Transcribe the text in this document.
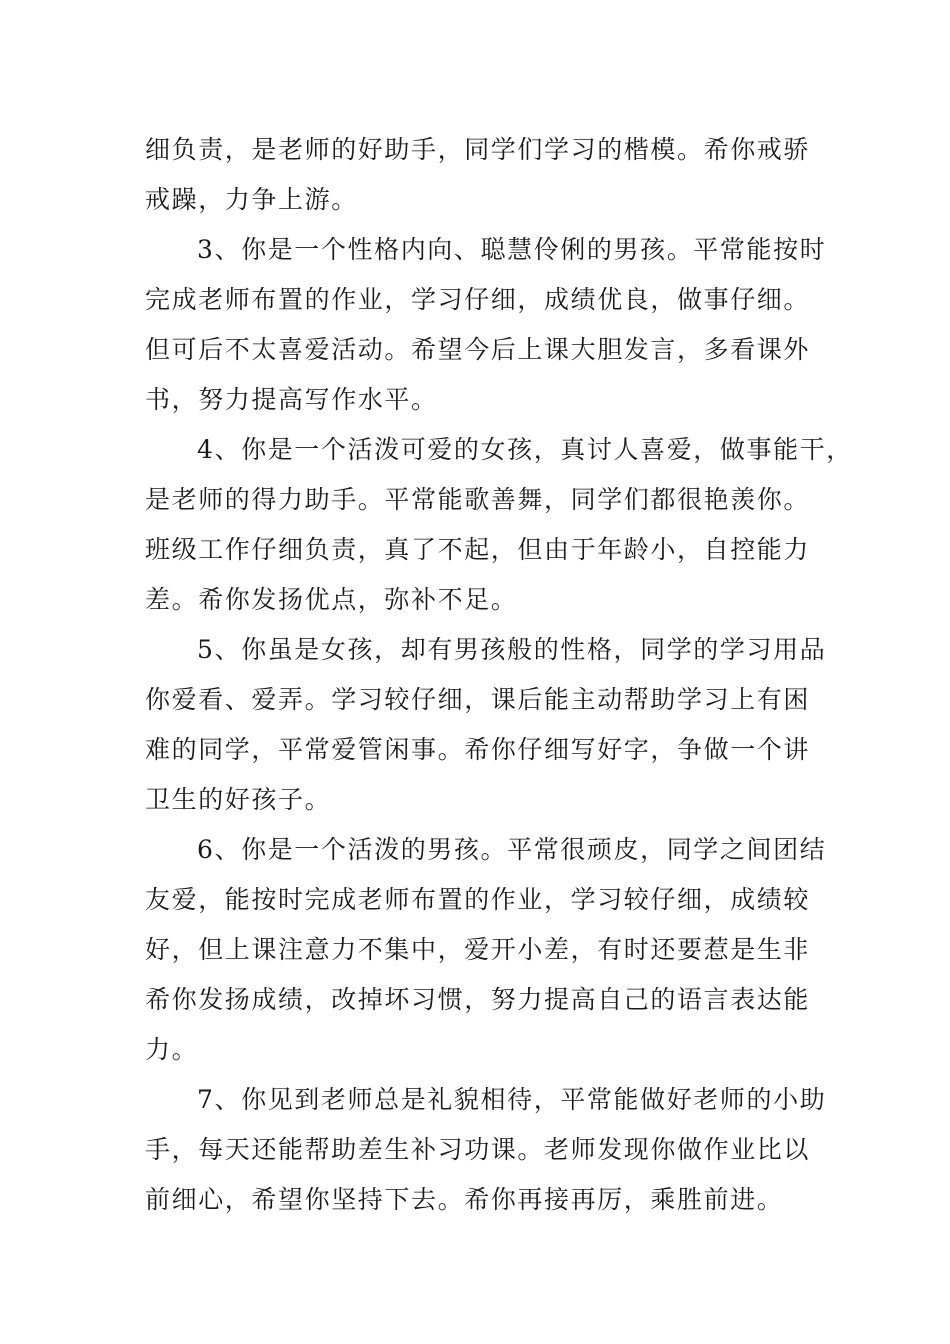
细负责，是老师的好助手，同学们学习的楷模。希你戒骄
戒躁，力争上游。
3、你是一个性格内向、聪慧伶俐的男孩。平常能按时
完成老师布置的作业，学习仔细，成绩优良，做事仔细。
但可后不太喜爱活动。希望今后上课大胆发言，多看课外
书，努力提高写作水平。
4、你是一个活泼可爱的女孩，真讨人喜爱，做事能干，
是老师的得力助手。平常能歌善舞，同学们都很艳羡你。
班级工作仔细负责，真了不起，但由于年龄小，自控能力
差。希你发扬优点，弥补不足。
5、你虽是女孩，却有男孩般的性格，同学的学习用品
你爱看、爱弄。学习较仔细，课后能主动帮助学习上有困
难的同学，平常爱管闲事。希你仔细写好字，争做一个讲
卫生的好孩子。
6、你是一个活泼的男孩。平常很顽皮，同学之间团结
友爱，能按时完成老师布置的作业，学习较仔细，成绩较
好，但上课注意力不集中，爱开小差，有时还要惹是生非
希你发扬成绩，改掉坏习惯，努力提高自己的语言表达能
力。
7、你见到老师总是礼貌相待，平常能做好老师的小助
手，每天还能帮助差生补习功课。老师发现你做作业比以
前细心，希望你坚持下去。希你再接再厉，乘胜前进。
